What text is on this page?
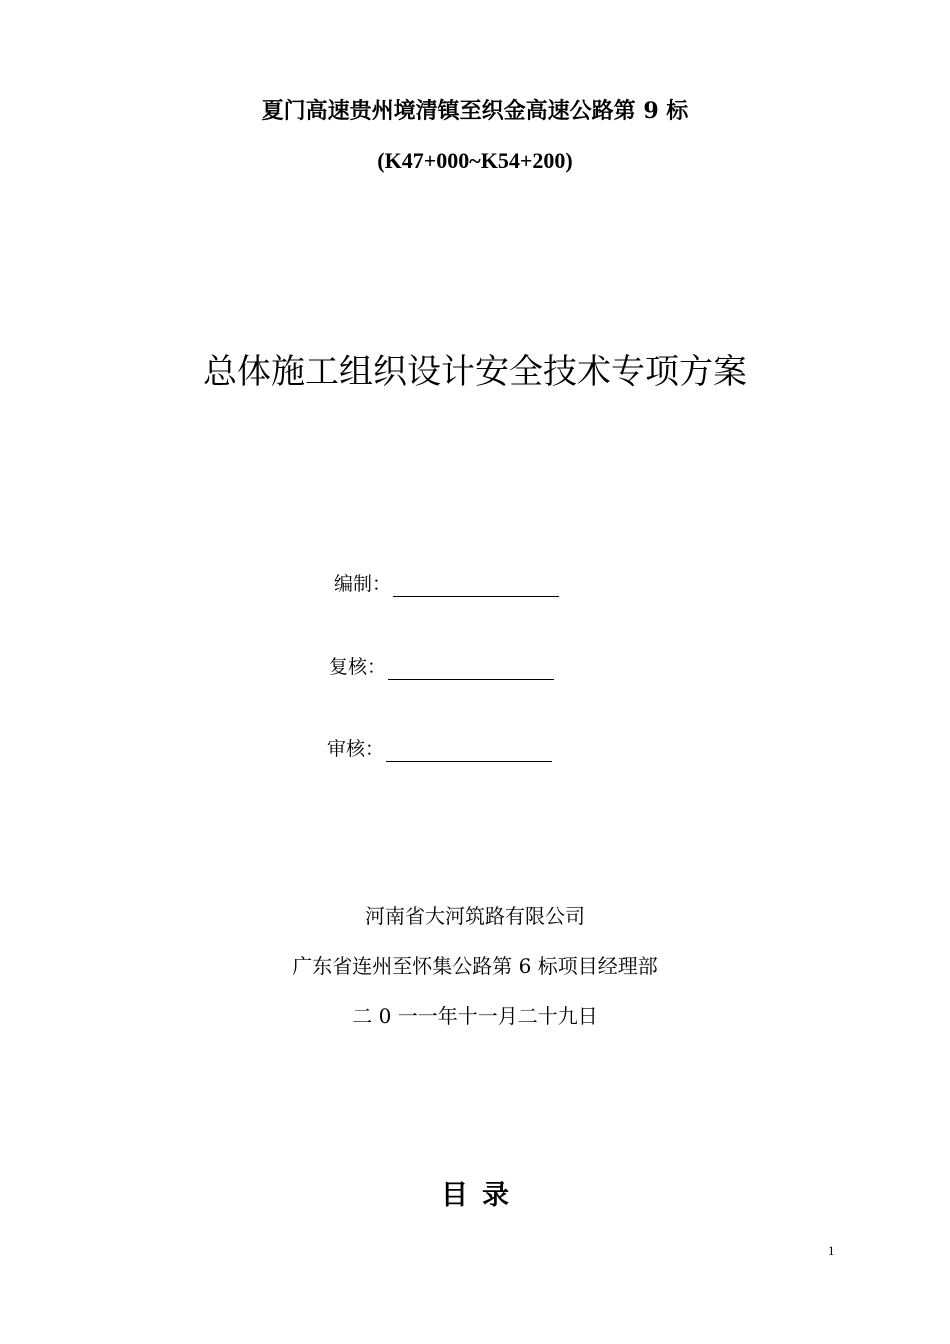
夏门高速贵州境清镇至织金高速公路第 9 标
(K47+000~K54+200)
总体施工组织设计安全技术专项方案
编制：
复核：
审核：
河南省大河筑路有限公司
广东省连州至怀集公路第 6 标项目经理部
二 0 一一年十一月二十九日
目录
1
